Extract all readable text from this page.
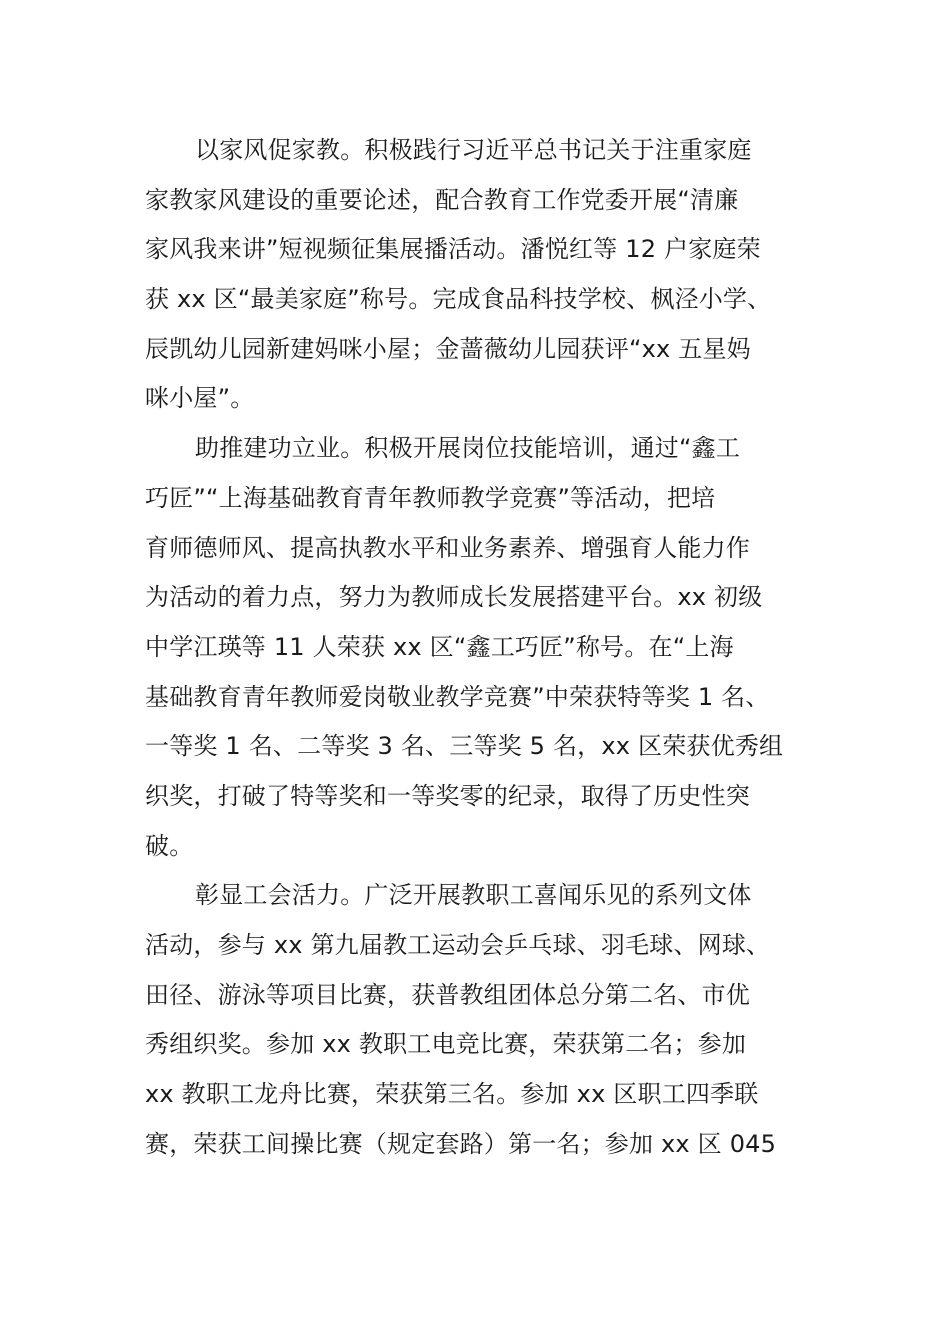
以家风促家教。积极践行习近平总书记关于注重家庭
家教家风建设的重要论述，配合教育工作党委开展“清廉
家风我来讲”短视频征集展播活动。潘悦红等 12 户家庭荣
获 xx 区“最美家庭”称号。完成食品科技学校、枫泾小学、
辰凯幼儿园新建妈咪小屋；金蔷薇幼儿园获评“xx 五星妈
咪小屋”。
助推建功立业。积极开展岗位技能培训，通过“鑫工
巧匠”“上海基础教育青年教师教学竞赛”等活动，把培
育师德师风、提高执教水平和业务素养、增强育人能力作
为活动的着力点，努力为教师成长发展搭建平台。xx 初级
中学江瑛等 11 人荣获 xx 区“鑫工巧匠”称号。在“上海
基础教育青年教师爱岗敬业教学竞赛”中荣获特等奖 1 名、
一等奖 1 名、二等奖 3 名、三等奖 5 名，xx 区荣获优秀组
织奖，打破了特等奖和一等奖零的纪录，取得了历史性突
破。
彰显工会活力。广泛开展教职工喜闻乐见的系列文体
活动，参与 xx 第九届教工运动会乒乓球、羽毛球、网球、
田径、游泳等项目比赛，获普教组团体总分第二名、市优
秀组织奖。参加 xx 教职工电竞比赛，荣获第二名；参加
xx 教职工龙舟比赛，荣获第三名。参加 xx 区职工四季联
赛，荣获工间操比赛（规定套路）第一名；参加 xx 区 045
